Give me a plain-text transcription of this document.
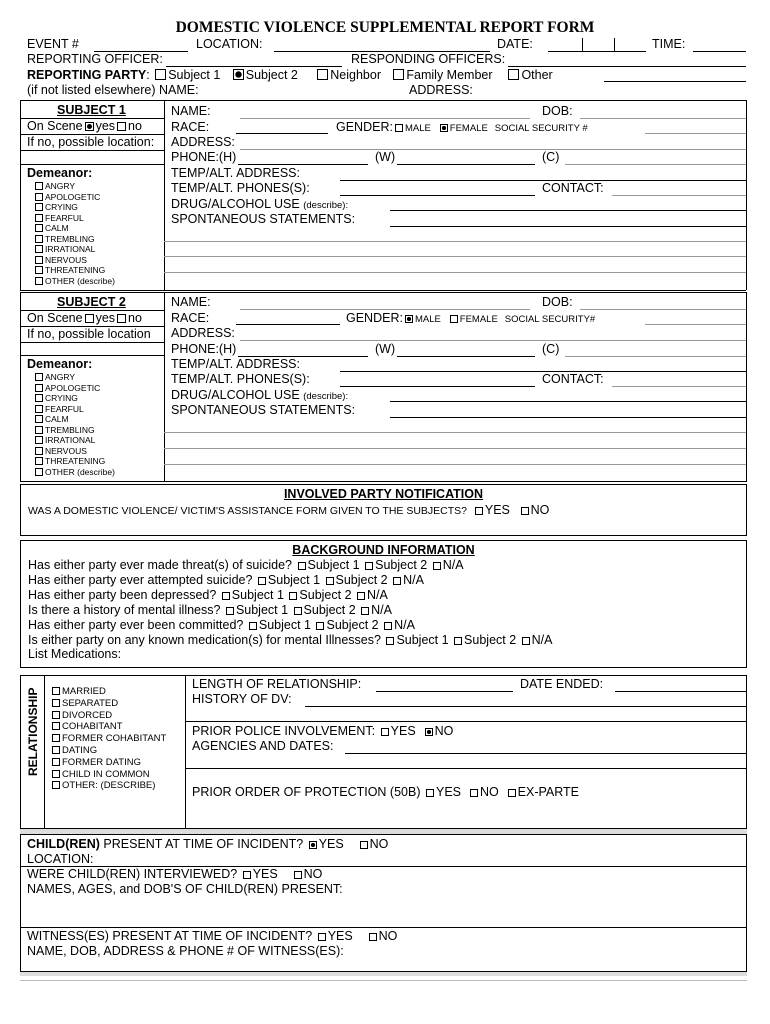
DOMESTIC VIOLENCE SUPPLEMENTAL REPORT FORM
EVENT #	LOCATION:	DATE:	TIME:
REPORTING OFFICER:	RESPONDING OFFICERS:
REPORTING PARTY: Subject 1 Subject 2	Neighbor Family Member Other
(if not listed elsewhere) NAME:	ADDRESS:
SUBJECT 1
On Scene yes no
If no, possible location:
Demeanor:
ANGRY
APOLOGETIC
CRYING
FEARFUL
CALM
TREMBLING
IRRATIONAL
NERVOUS
THREATENING
OTHER (describe)
NAME:	DOB:
RACE:	GENDER: MALE FEMALE SOCIAL SECURITY #
ADDRESS:
PHONE:(H)	(W)	(C)
TEMP/ALT. ADDRESS:
TEMP/ALT. PHONES(S):	CONTACT:
DRUG/ALCOHOL USE (describe):
SPONTANEOUS STATEMENTS:
SUBJECT 2
On Scene yes no
If no, possible location
Demeanor:
ANGRY
APOLOGETIC
CRYING
FEARFUL
CALM
TREMBLING
IRRATIONAL
NERVOUS
THREATENING
OTHER (describe)
NAME:	DOB:
RACE:	GENDER: MALE FEMALE SOCIAL SECURITY#
ADDRESS:
PHONE:(H)	(W)	(C)
TEMP/ALT. ADDRESS:
TEMP/ALT. PHONES(S):	CONTACT:
DRUG/ALCOHOL USE (describe):
SPONTANEOUS STATEMENTS:
INVOLVED PARTY NOTIFICATION
WAS A DOMESTIC VIOLENCE/ VICTIM'S ASSISTANCE FORM GIVEN TO THE SUBJECTS? YES NO
BACKGROUND INFORMATION
Has either party ever made threat(s) of suicide? Subject 1 Subject 2 N/A
Has either party ever attempted suicide? Subject 1 Subject 2 N/A
Has either party been depressed? Subject 1 Subject 2 N/A
Is there a history of mental illness? Subject 1 Subject 2 N/A
Has either party ever been committed? Subject 1 Subject 2 N/A
Is either party on any known medication(s) for mental Illnesses? Subject 1 Subject 2 N/A
List Medications:
RELATIONSHIP	MARRIED
SEPARATED
DIVORCED
COHABITANT
FORMER COHABITANT
DATING
FORMER DATING
CHILD IN COMMON
OTHER: (DESCRIBE)
LENGTH OF RELATIONSHIP:	DATE ENDED:
HISTORY OF DV:
PRIOR POLICE INVOLVEMENT: YES NO
AGENCIES AND DATES:
PRIOR ORDER OF PROTECTION (50B) YES NO EX-PARTE
CHILD(REN) PRESENT AT TIME OF INCIDENT? YES NO
LOCATION:
WERE CHILD(REN) INTERVIEWED? YES NO
NAMES, AGES, and DOB'S OF CHILD(REN) PRESENT:
WITNESS(ES) PRESENT AT TIME OF INCIDENT? YES NO
NAME, DOB, ADDRESS & PHONE # OF WITNESS(ES):
